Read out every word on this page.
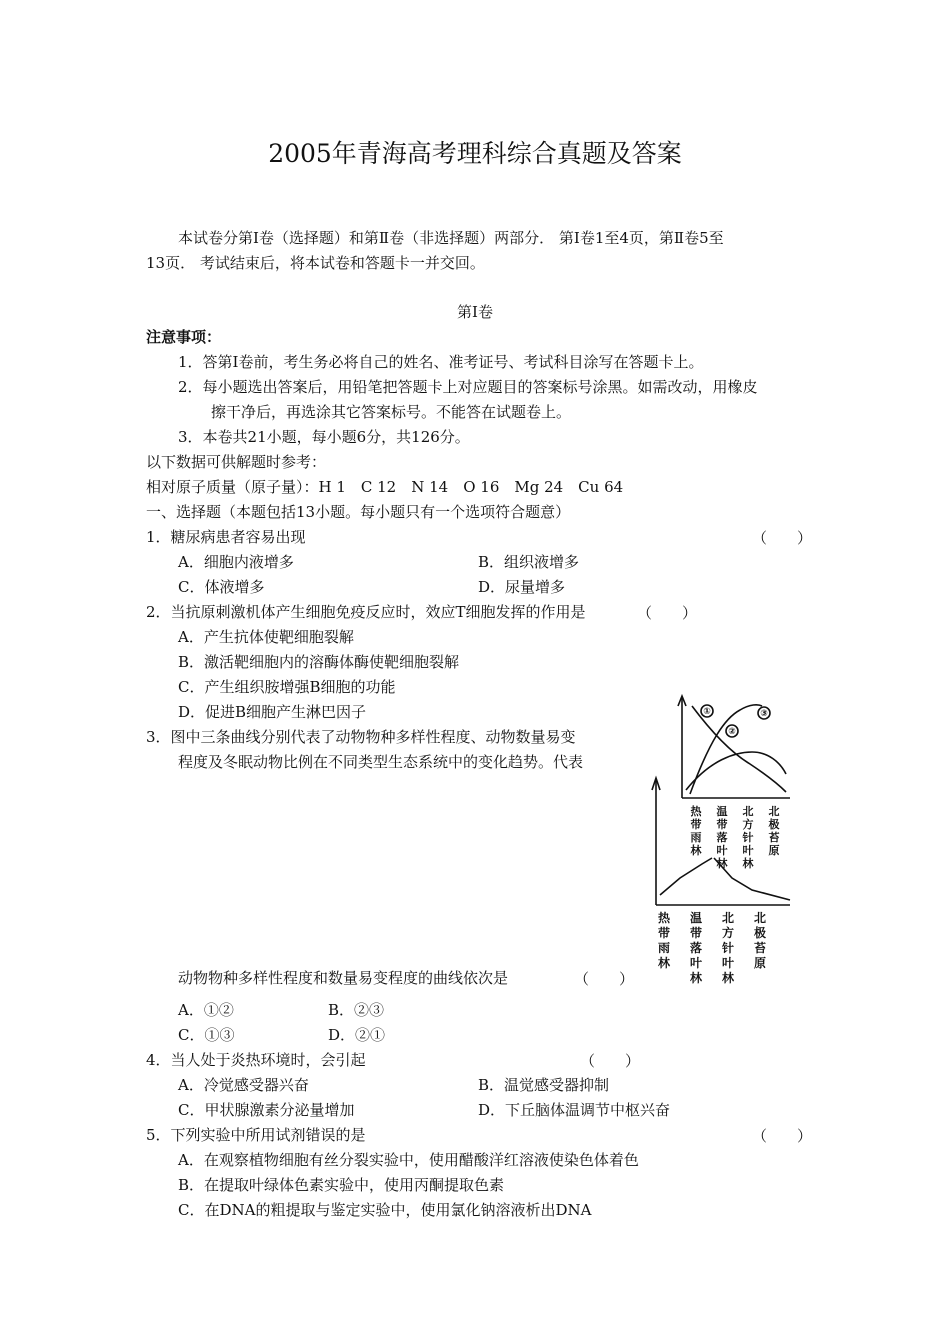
2005年青海高考理科综合真题及答案
本试卷分第Ⅰ卷（选择题）和第Ⅱ卷（非选择题）两部分． 第Ⅰ卷1至4页，第Ⅱ卷5至
13页． 考试结束后，将本试卷和答题卡一并交回。
第Ⅰ卷
注意事项：
1．答第Ⅰ卷前，考生务必将自己的姓名、准考证号、考试科目涂写在答题卡上。
2．每小题选出答案后，用铅笔把答题卡上对应题目的答案标号涂黑。如需改动，用橡皮
擦干净后，再选涂其它答案标号。不能答在试题卷上。
3．本卷共21小题，每小题6分，共126分。
以下数据可供解题时参考：
相对原子质量（原子量）：H 1　C 12　N 14　O 16　Mg 24　Cu 64
一、选择题（本题包括13小题。每小题只有一个选项符合题意）
1．糖尿病患者容易出现	（　　）
A．细胞内液增多	B．组织液增多
C．体液增多	D．尿量增多
2．当抗原刺激机体产生细胞免疫反应时，效应T细胞发挥的作用是	（　　）
A．产生抗体使靶细胞裂解
B．激活靶细胞内的溶酶体酶使靶细胞裂解
C．产生组织胺增强B细胞的功能
D．促进B细胞产生淋巴因子
3．图中三条曲线分别代表了动物物种多样性程度、动物数量易变
程度及冬眠动物比例在不同类型生态系统中的变化趋势。代表
动物物种多样性程度和数量易变程度的曲线依次是	（　　）
A．①②	B．②③
C．①③	D．②①
①
②
③
热带雨林
温带落叶林
北方针叶林
北极苔原
热带雨林
温带落叶林
北方针叶林
北极苔原
4．当人处于炎热环境时，会引起	（　　）
A．冷觉感受器兴奋	B．温觉感受器抑制
C．甲状腺激素分泌量增加	D．下丘脑体温调节中枢兴奋
5．下列实验中所用试剂错误的是	（　　）
A．在观察植物细胞有丝分裂实验中，使用醋酸洋红溶液使染色体着色
B．在提取叶绿体色素实验中，使用丙酮提取色素
C．在DNA的粗提取与鉴定实验中，使用氯化钠溶液析出DNA
